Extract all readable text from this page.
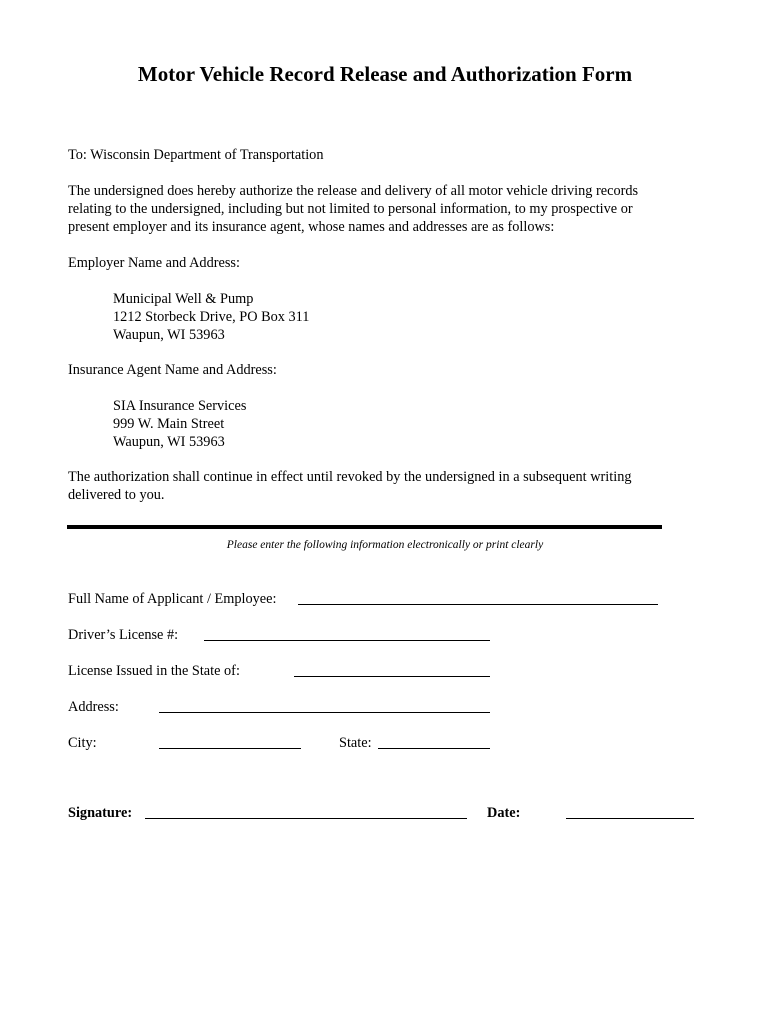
Motor Vehicle Record Release and Authorization Form
To: Wisconsin Department of Transportation
The undersigned does hereby authorize the release and delivery of all motor vehicle driving records
relating to the undersigned, including but not limited to personal information, to my prospective or
present employer and its insurance agent, whose names and addresses are as follows:
Employer Name and Address:
Municipal Well & Pump
1212 Storbeck Drive, PO Box 311
Waupun, WI 53963
Insurance Agent Name and Address:
SIA Insurance Services
999 W. Main Street
Waupun, WI 53963
The authorization shall continue in effect until revoked by the undersigned in a subsequent writing
delivered to you.
Please enter the following information electronically or print clearly
Full Name of Applicant / Employee:
Driver’s License #:
License Issued in the State of:
Address:
City:	State:
Signature:	Date:
